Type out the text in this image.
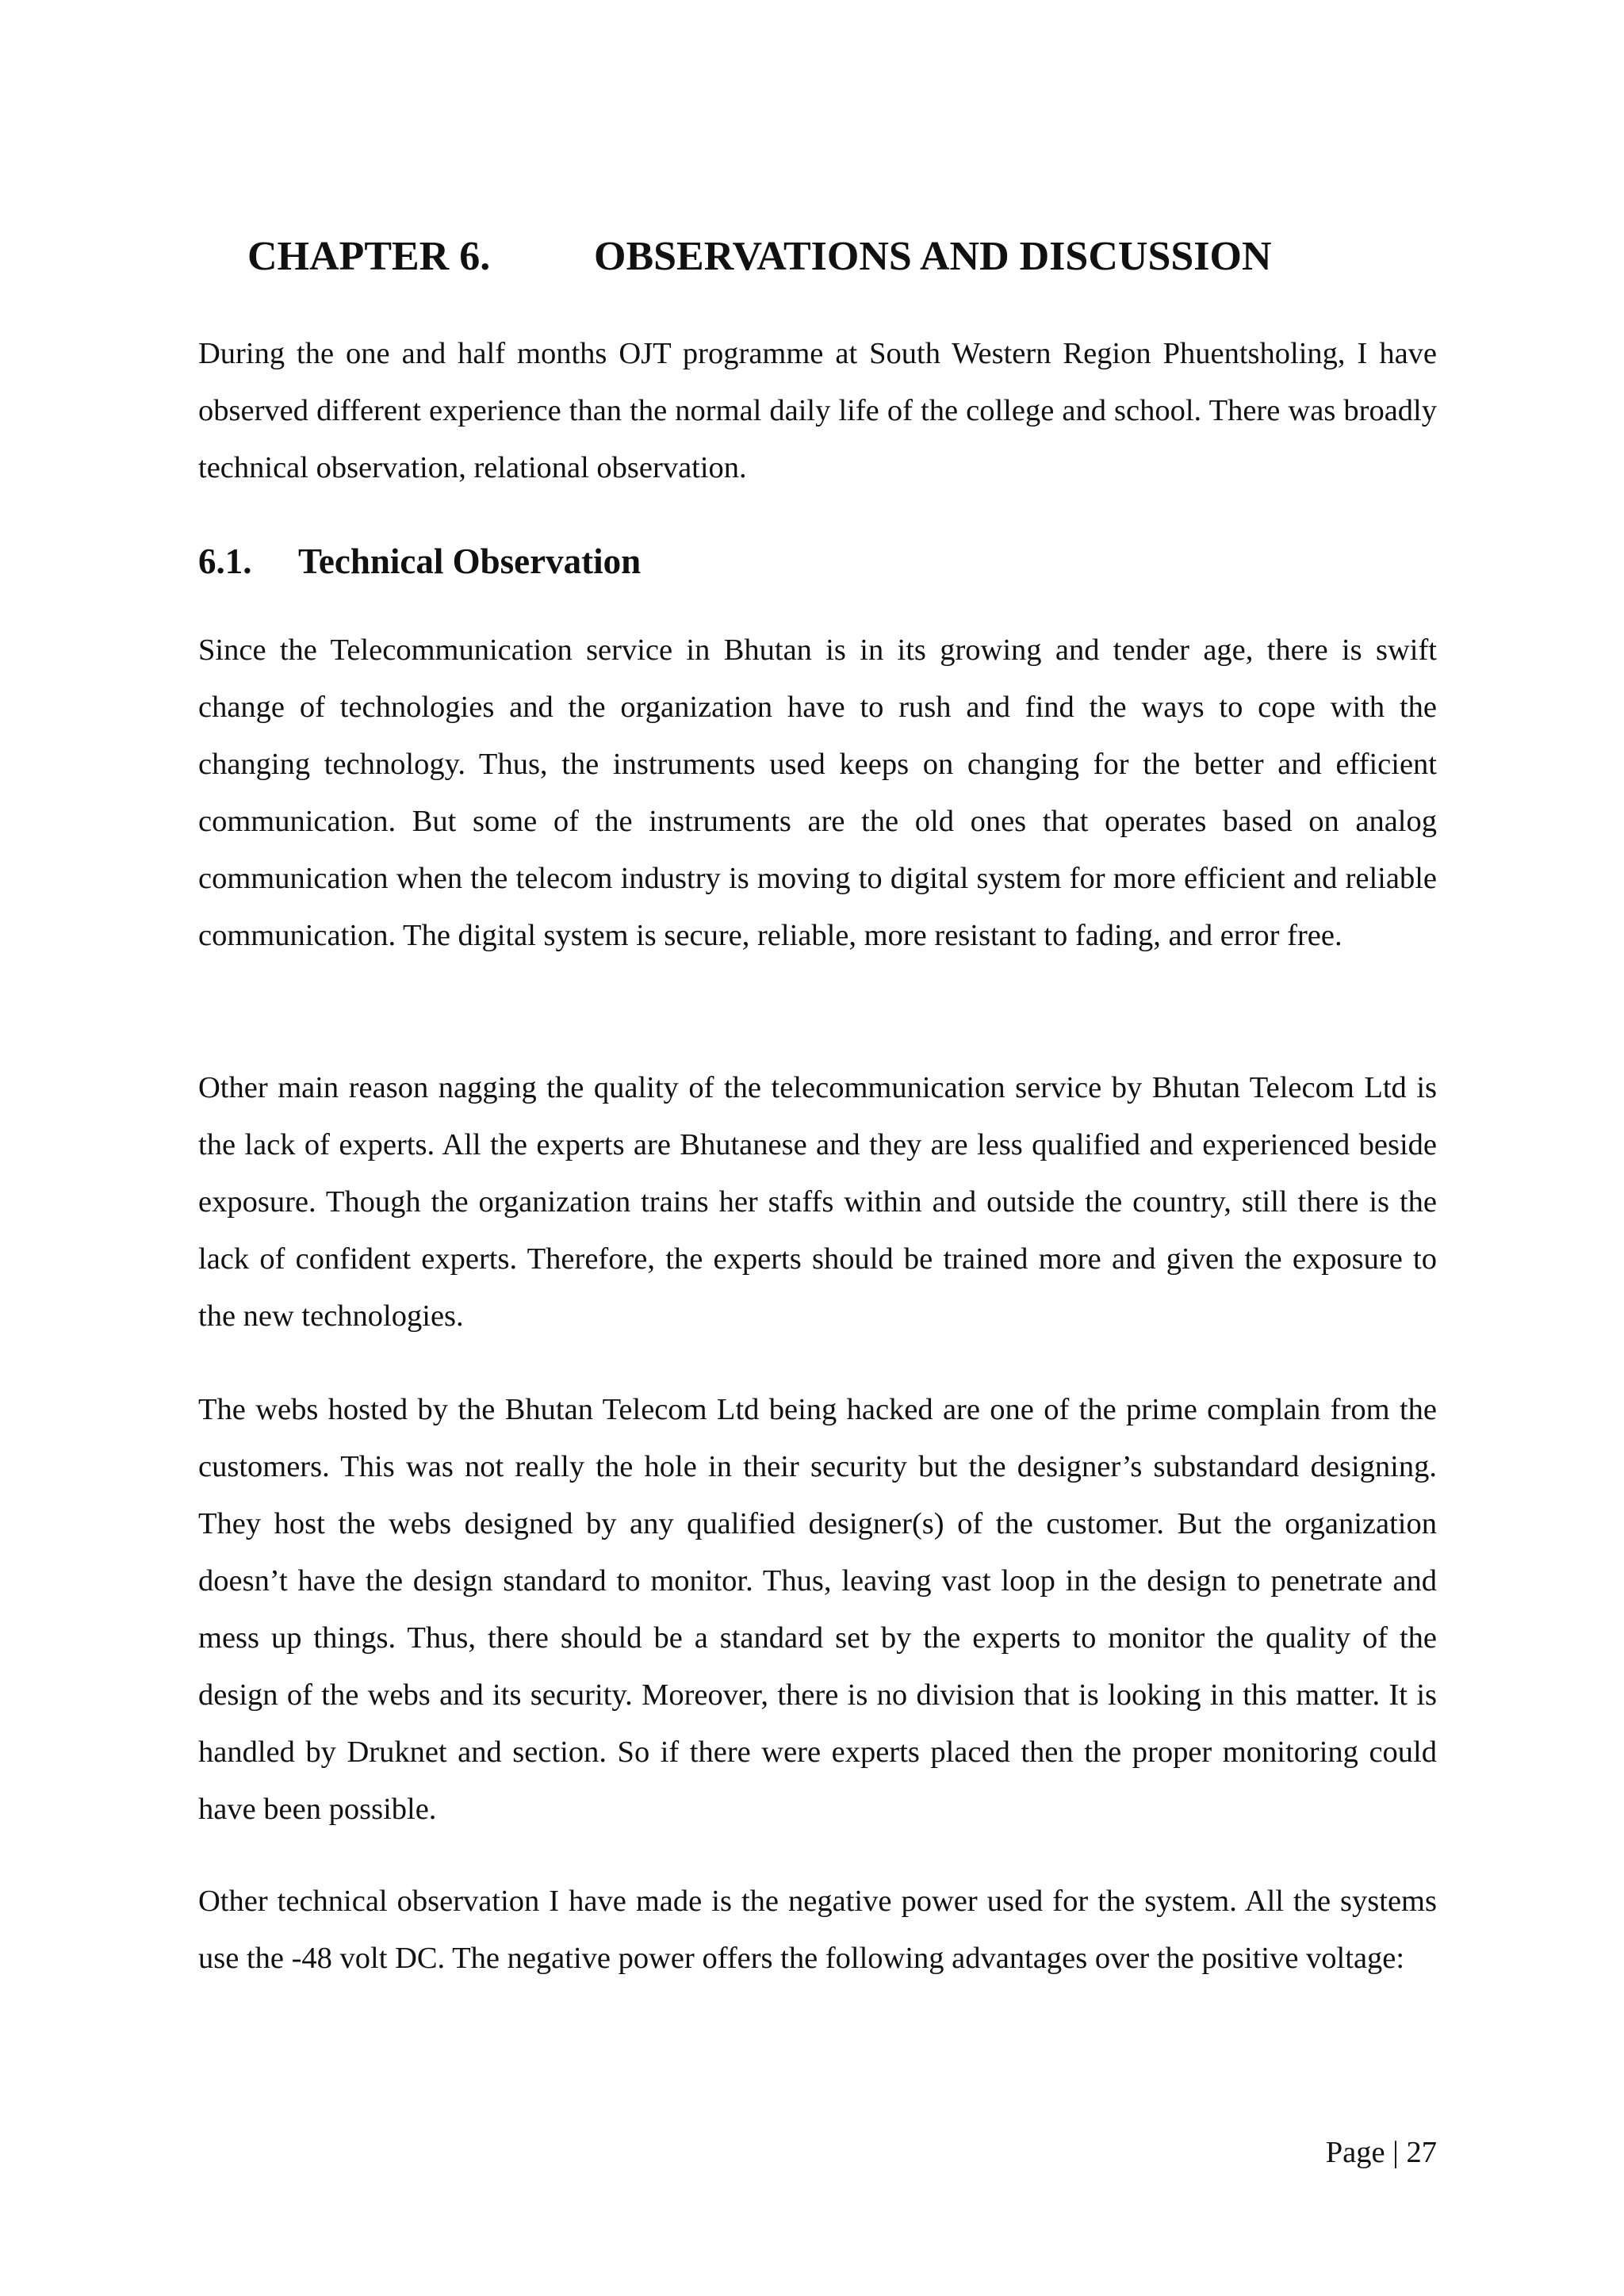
CHAPTER 6.	OBSERVATIONS AND DISCUSSION

During the one and half months OJT programme at South Western Region Phuentsholing, I have observed different experience than the normal daily life of the college and school. There was broadly technical observation, relational observation.

6.1. Technical Observation

Since the Telecommunication service in Bhutan is in its growing and tender age, there is swift change of technologies and the organization have to rush and find the ways to cope with the changing technology. Thus, the instruments used keeps on changing for the better and efficient communication. But some of the instruments are the old ones that operates based on analog communication when the telecom industry is moving to digital system for more efficient and reliable communication. The digital system is secure, reliable, more resistant to fading, and error free.

Other main reason nagging the quality of the telecommunication service by Bhutan Telecom Ltd is the lack of experts. All the experts are Bhutanese and they are less qualified and experienced beside exposure. Though the organization trains her staffs within and outside the country, still there is the lack of confident experts. Therefore, the experts should be trained more and given the exposure to the new technologies.

The webs hosted by the Bhutan Telecom Ltd being hacked are one of the prime complain from the customers. This was not really the hole in their security but the designer’s substandard designing. They host the webs designed by any qualified designer(s) of the customer. But the organization doesn’t have the design standard to monitor. Thus, leaving vast loop in the design to penetrate and mess up things. Thus, there should be a standard set by the experts to monitor the quality of the design of the webs and its security. Moreover, there is no division that is looking in this matter. It is handled by Druknet and section. So if there were experts placed then the proper monitoring could have been possible.

Other technical observation I have made is the negative power used for the system. All the systems use the -48 volt DC. The negative power offers the following advantages over the positive voltage:

Page | 27
